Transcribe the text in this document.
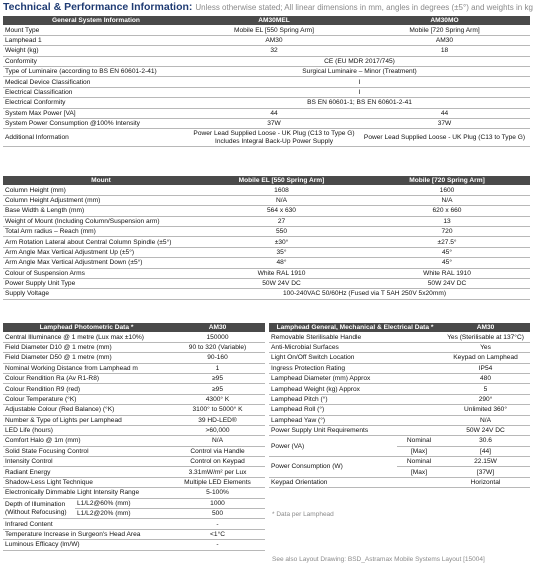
Technical & Performance Information: Unless otherwise stated; All linear dimensions in mm, angles in degrees (±5°) and weights in kg
General System Information	AM30MEL	AM30MO
Mount Type	Mobile EL [550 Spring Arm]	Mobile [720 Spring Arm]
Lamphead 1	AM30	AM30
Weight (kg)	32	18
Conformity	CE (EU MDR 2017/745)	
Type of Luminaire (according to BS EN 60601-2-41)	Surgical Luminaire – Minor (Treatment)	
Medical Device Classification	I	
Electrical Classification	I	
Electrical Conformity	BS EN 60601-1; BS EN 60601-2-41	
System Max Power [VA]	44	44
System Power Consumption @100% Intensity	37W	37W
Additional Information	Power Lead Supplied Loose - UK Plug (C13 to Type G) Includes Integral Back-Up Power Supply	Power Lead Supplied Loose - UK Plug (C13 to Type G)
Mount	Mobile EL [550 Spring Arm]	Mobile [720 Spring Arm]
Column Height (mm)	1608	1600
Column Height Adjustment (mm)	N/A	N/A
Base Width & Length (mm)	564 x 630	620 x 660
Weight of Mount (Including Column/Suspension arm)	27	13
Total Arm radius – Reach (mm)	550	720
Arm Rotation Lateral about Central Column Spindle (±5°)	±30°	±27.5°
Arm Angle Max Vertical Adjustment Up (±5°)	35°	45°
Arm Angle Max Vertical Adjustment Down (±5°)	48°	45°
Colour of Suspension Arms	White RAL 1910	White RAL 1910
Power Supply Unit Type	50W 24V DC	50W 24V DC
Supply Voltage	100-240VAC 50/60Hz (Fused via T 5AH 250V 5x20mm)	
Lamphead Photometric Data *		AM30
Central Illuminance @ 1 metre (Lux max ±10%)		150000
Field Diameter D10 @ 1 metre (mm)		90 to 320 (Variable)
Field Diameter D50 @ 1 metre (mm)		90-160
Nominal Working Distance from Lamphead m		1
Colour Rendition Ra (Av R1-R8)		≥95
Colour Rendition R9 (red)		≥95
Colour Temperature (°K)		4300° K
Adjustable Colour (Red Balance) (°K)		3100° to 5000° K
Number & Type of Lights per Lamphead		39 HD-LED®
LED Life (hours)		>60,000
Comfort Halo @ 1m (mm)		N/A
Solid State Focusing Control		Control via Handle
Intensity Control		Control on Keypad
Radiant Energy		3.31mW/m² per Lux
Shadow-Less Light Technique		Multiple LED Elements
Electronically Dimmable Light Intensity Range		5-100%
Depth of Illumination (Without Refocusing)	L1/L2@60% (mm)	1000
	L1/L2@20% (mm)	500
Infrared Content		-
Temperature Increase in Surgeon's Head Area		<1°C
Luminous Efficacy (lm/W)		-
Lamphead General, Mechanical & Electrical Data *		AM30
Removable Sterilisable Handle		Yes (Sterilisable at 137°C)
Anti-Microbial Surfaces		Yes
Light On/Off Switch Location		Keypad on Lamphead
Ingress Protection Rating		IP54
Lamphead Diameter (mm) Approx		480
Lamphead Weight (kg) Approx		5
Lamphead Pitch (°)		290°
Lamphead Roll (°)		Unlimited 360°
Lamphead Yaw (°)		N/A
Power Supply Unit Requirements		50W 24V DC
Power (VA)	Nominal	30.6
	[Max]	[44]
Power Consumption (W)	Nominal	22.15W
	[Max]	[37W]
Keypad Orientation		Horizontal
* Data per Lamphead
See also Layout Drawing: BSD_Astramax Mobile Systems Layout [15004]
